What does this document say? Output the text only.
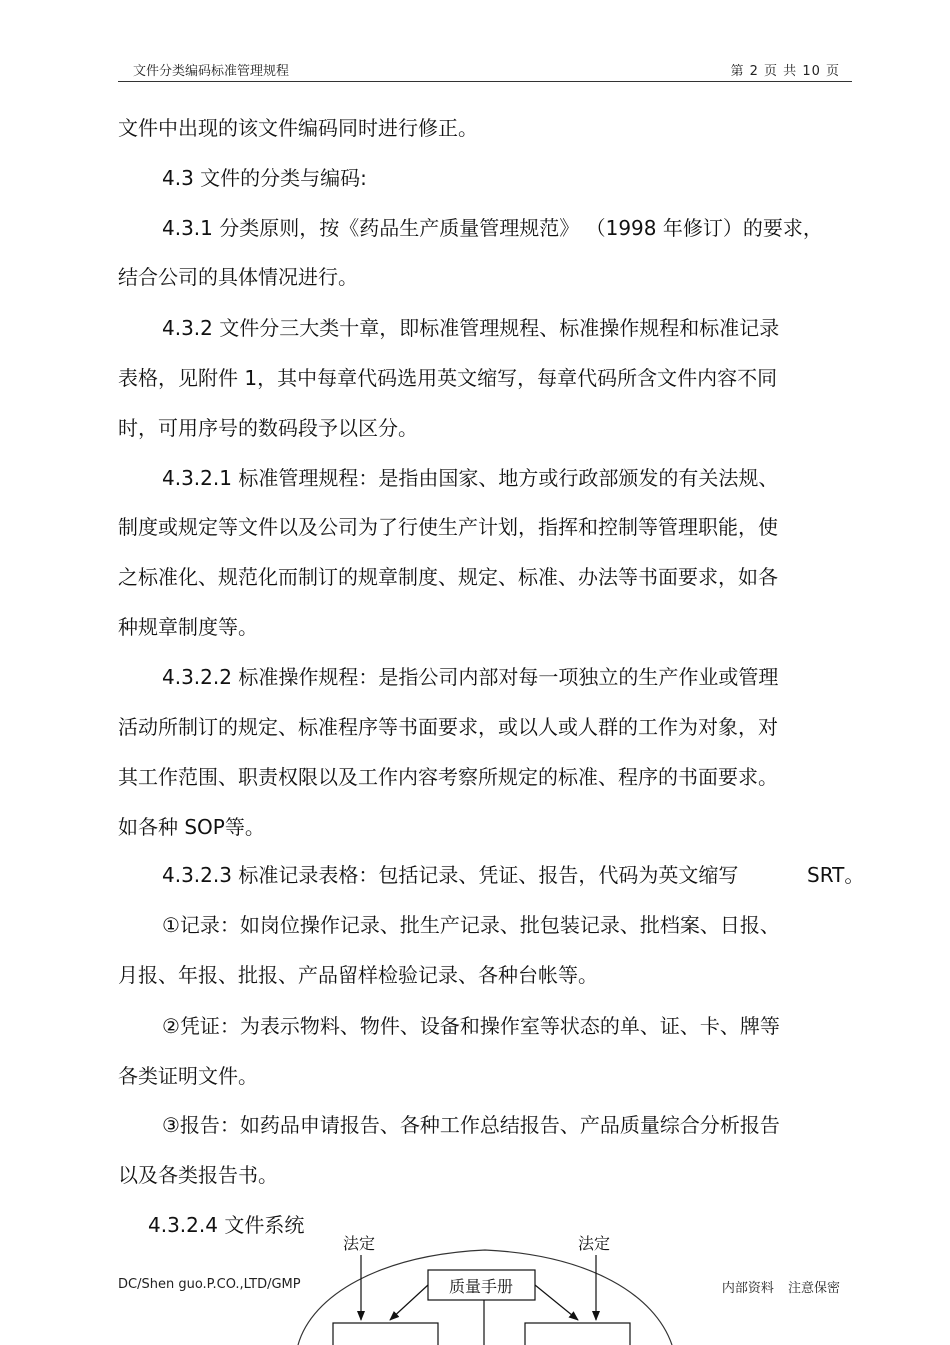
文件分类编码标准管理规程	第 2 页 共 10 页
文件中出现的该文件编码同时进行修正。
4.3 文件的分类与编码:
4.3.1 分类原则，按《药品生产质量管理规范》 （1998 年修订）的要求，
结合公司的具体情况进行。
4.3.2 文件分三大类十章，即标准管理规程、标准操作规程和标准记录
表格，见附件 1，其中每章代码选用英文缩写，每章代码所含文件内容不同
时，可用序号的数码段予以区分。
4.3.2.1 标准管理规程：是指由国家、地方或行政部颁发的有关法规、
制度或规定等文件以及公司为了行使生产计划，指挥和控制等管理职能，使
之标准化、规范化而制订的规章制度、规定、标准、办法等书面要求，如各
种规章制度等。
4.3.2.2 标准操作规程：是指公司内部对每一项独立的生产作业或管理
活动所制订的规定、标准程序等书面要求，或以人或人群的工作为对象，对
其工作范围、职责权限以及工作内容考察所规定的标准、程序的书面要求。
如各种 SOP等。
4.3.2.3 标准记录表格：包括记录、凭证、报告，代码为英文缩写	SRT。
①记录：如岗位操作记录、批生产记录、批包装记录、批档案、日报、
月报、年报、批报、产品留样检验记录、各种台帐等。
②凭证：为表示物料、物件、设备和操作室等状态的单、证、卡、牌等
各类证明文件。
③报告：如药品申请报告、各种工作总结报告、产品质量综合分析报告
以及各类报告书。
4.3.2.4 文件系统
法定	法定
质量手册
DC/Shen guo.P.CO.,LTD/GMP	内部资料 注意保密
